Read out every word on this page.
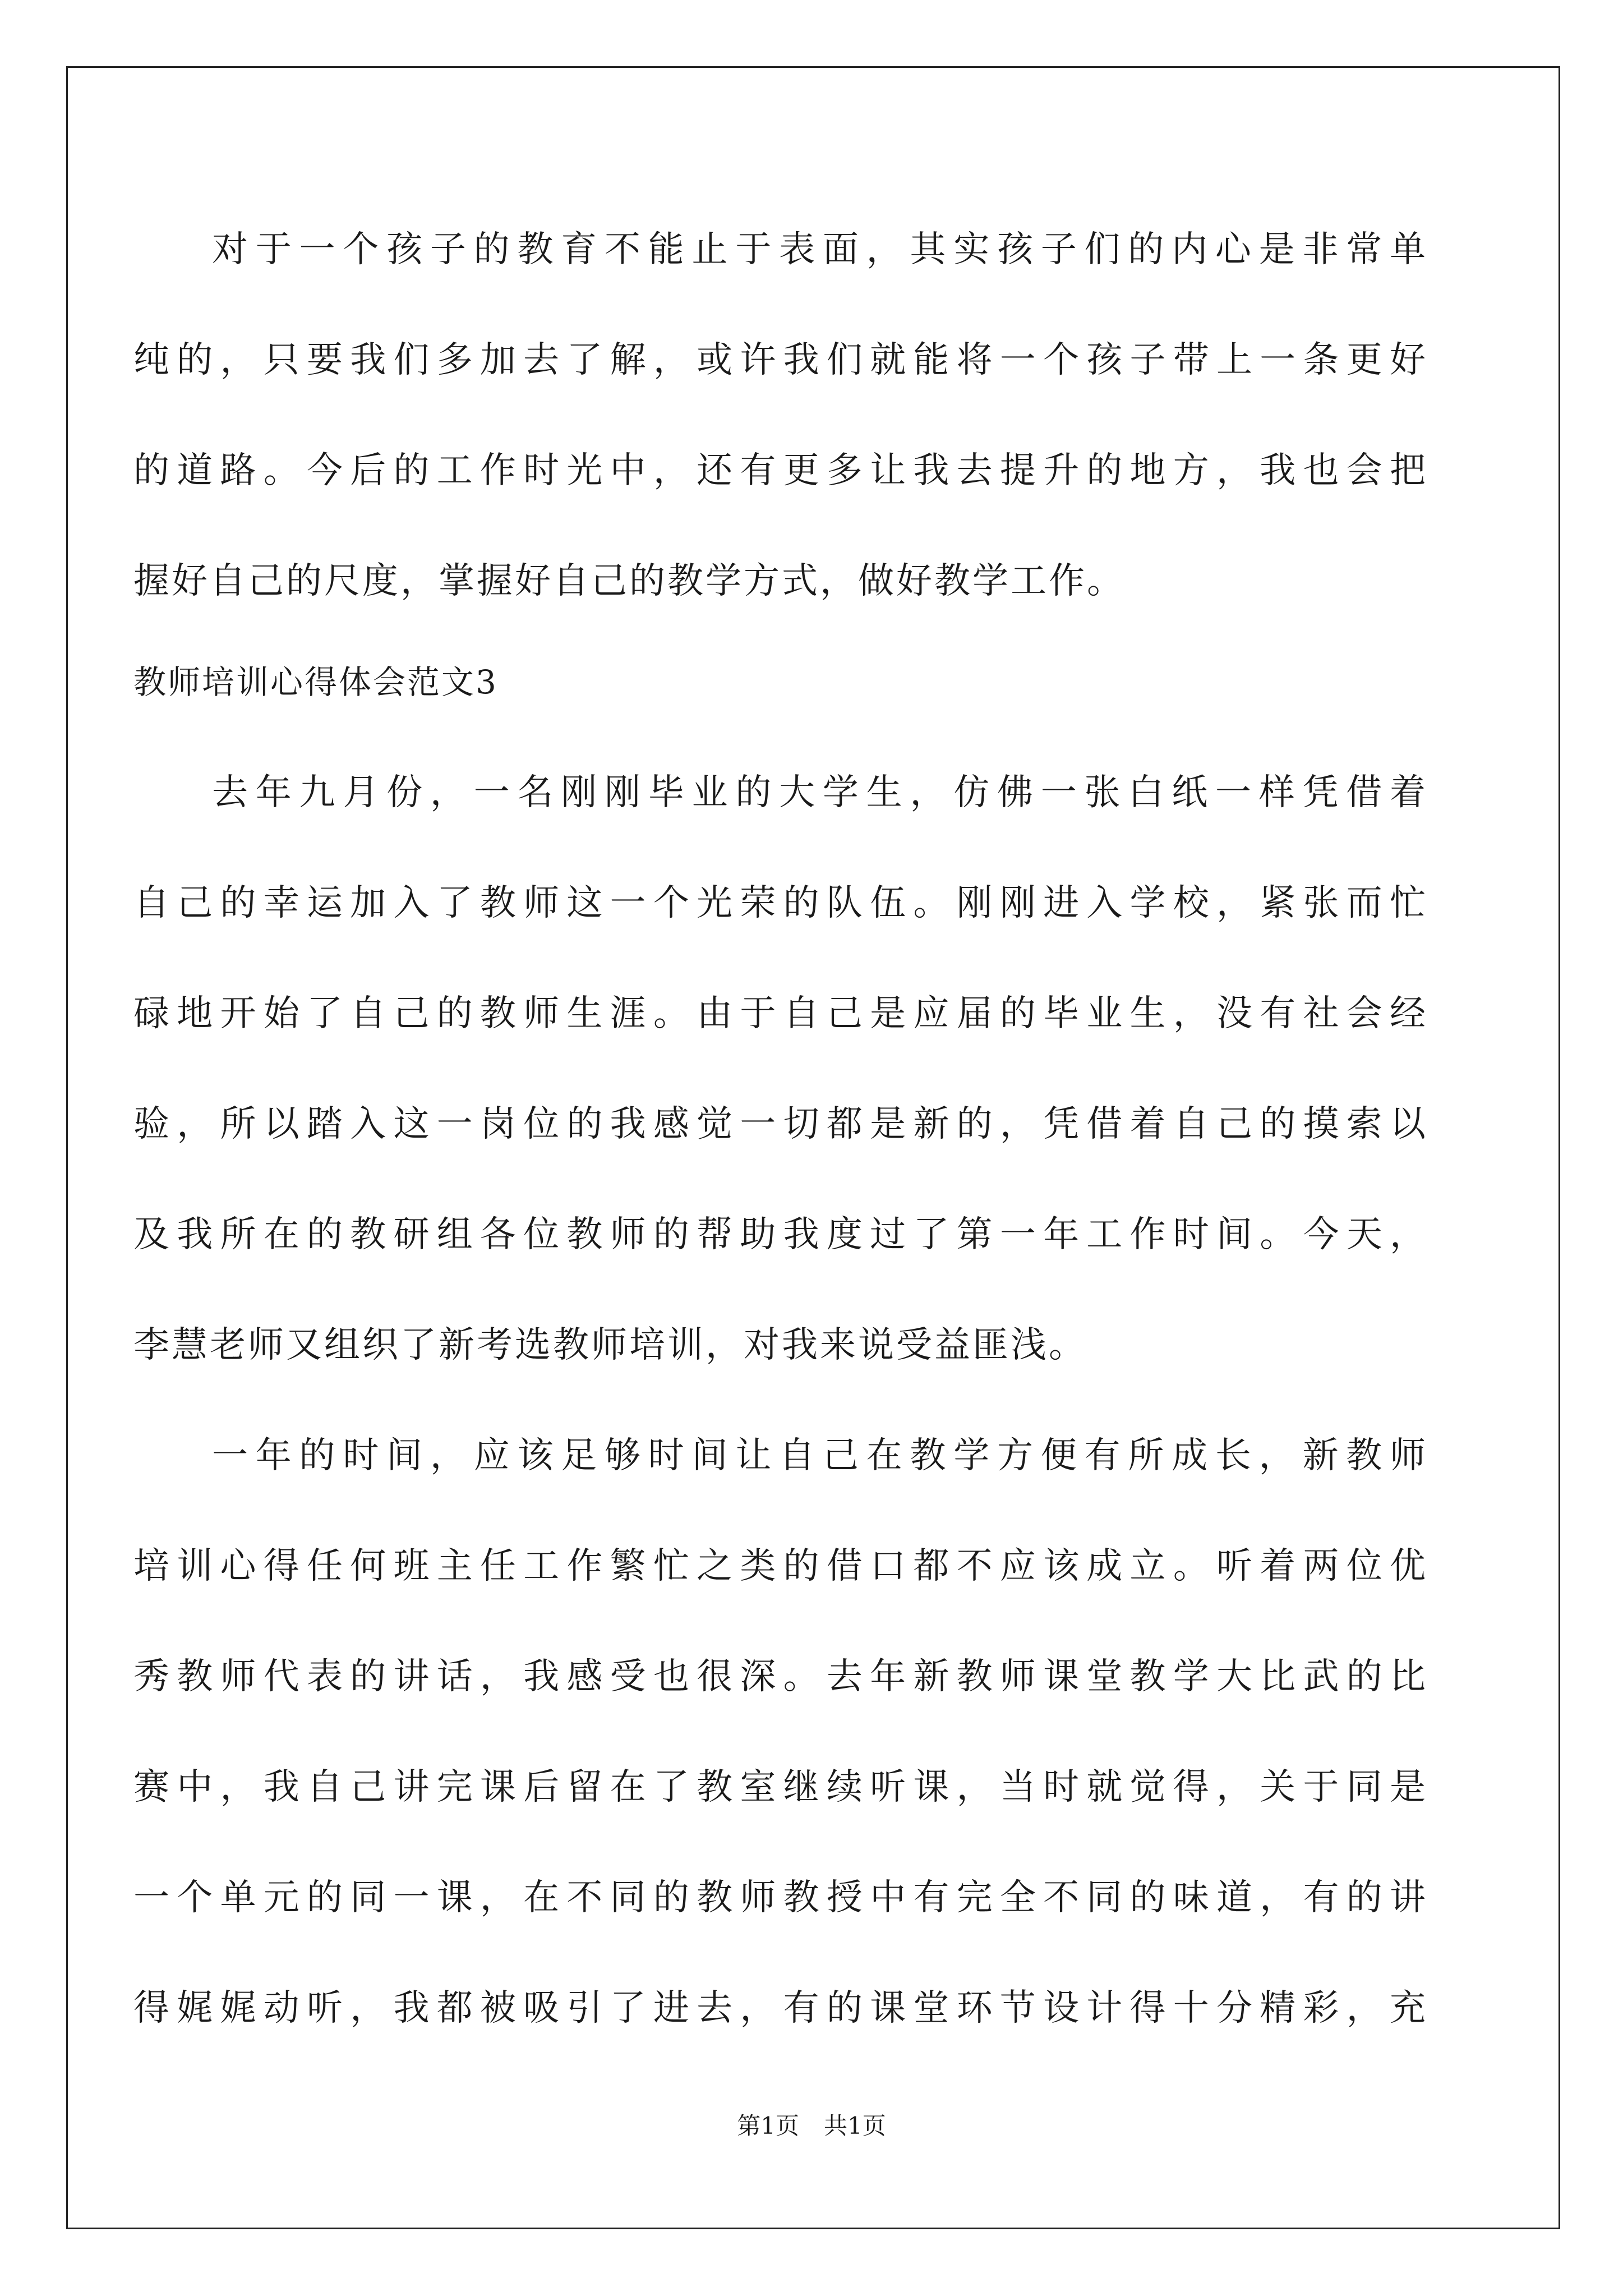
对于一个孩子的教育不能止于表面，其实孩子们的内心是非常单
纯的，只要我们多加去了解，或许我们就能将一个孩子带上一条更好
的道路。今后的工作时光中，还有更多让我去提升的地方，我也会把
握好自己的尺度，掌握好自己的教学方式，做好教学工作。
教师培训心得体会范文3
去年九月份，一名刚刚毕业的大学生，仿佛一张白纸一样凭借着
自己的幸运加入了教师这一个光荣的队伍。刚刚进入学校，紧张而忙
碌地开始了自己的教师生涯。由于自己是应届的毕业生，没有社会经
验，所以踏入这一岗位的我感觉一切都是新的，凭借着自己的摸索以
及我所在的教研组各位教师的帮助我度过了第一年工作时间。今天，
李慧老师又组织了新考选教师培训，对我来说受益匪浅。
一年的时间，应该足够时间让自己在教学方便有所成长，新教师
培训心得任何班主任工作繁忙之类的借口都不应该成立。听着两位优
秀教师代表的讲话，我感受也很深。去年新教师课堂教学大比武的比
赛中，我自己讲完课后留在了教室继续听课，当时就觉得，关于同是
一个单元的同一课，在不同的教师教授中有完全不同的味道，有的讲
得娓娓动听，我都被吸引了进去，有的课堂环节设计得十分精彩，充
第1页 共1页
